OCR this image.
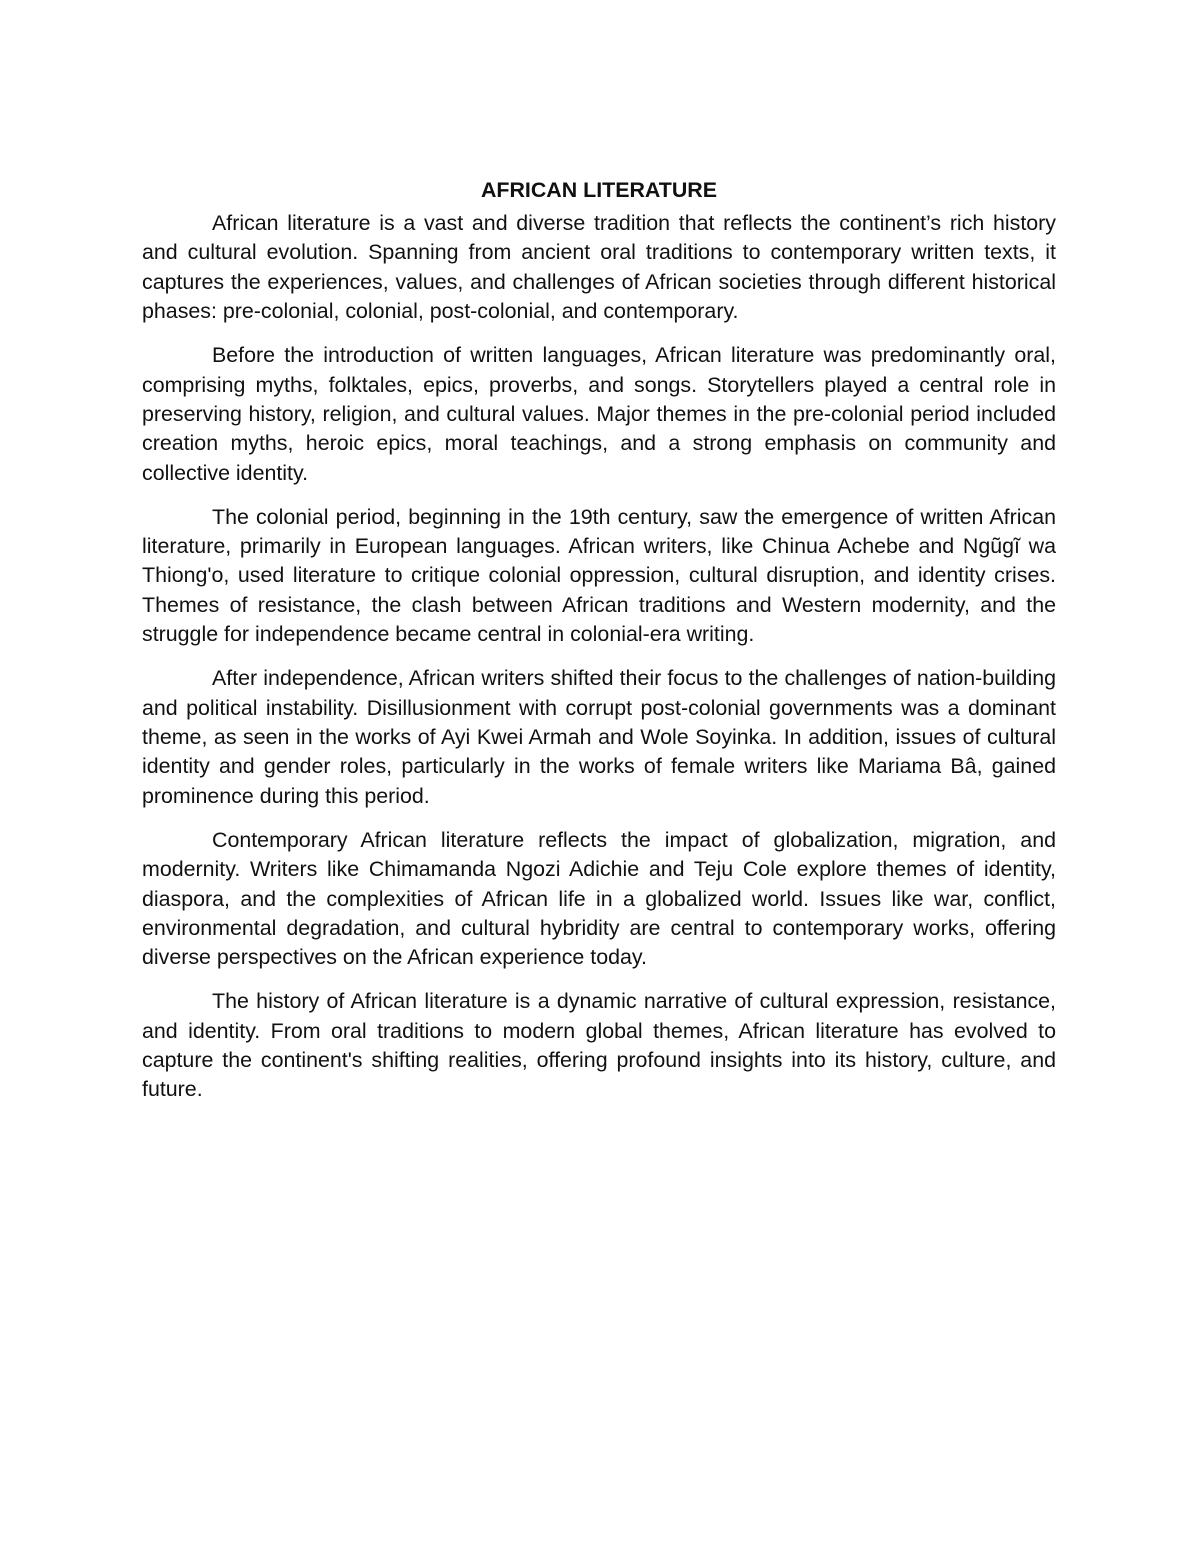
AFRICAN LITERATURE

African literature is a vast and diverse tradition that reflects the continent’s rich history and cultural evolution. Spanning from ancient oral traditions to contemporary written texts, it captures the experiences, values, and challenges of African societies through different historical phases: pre-colonial, colonial, post-colonial, and contemporary.

Before the introduction of written languages, African literature was predominantly oral, comprising myths, folktales, epics, proverbs, and songs. Storytellers played a central role in preserving history, religion, and cultural values. Major themes in the pre-colonial period included creation myths, heroic epics, moral teachings, and a strong emphasis on community and collective identity.

The colonial period, beginning in the 19th century, saw the emergence of written African literature, primarily in European languages. African writers, like Chinua Achebe and Ngũgĩ wa Thiong'o, used literature to critique colonial oppression, cultural disruption, and identity crises. Themes of resistance, the clash between African traditions and Western modernity, and the struggle for independence became central in colonial-era writing.

After independence, African writers shifted their focus to the challenges of nation-building and political instability. Disillusionment with corrupt post-colonial governments was a dominant theme, as seen in the works of Ayi Kwei Armah and Wole Soyinka. In addition, issues of cultural identity and gender roles, particularly in the works of female writers like Mariama Bâ, gained prominence during this period.

Contemporary African literature reflects the impact of globalization, migration, and modernity. Writers like Chimamanda Ngozi Adichie and Teju Cole explore themes of identity, diaspora, and the complexities of African life in a globalized world. Issues like war, conflict, environmental degradation, and cultural hybridity are central to contemporary works, offering diverse perspectives on the African experience today.

The history of African literature is a dynamic narrative of cultural expression, resistance, and identity. From oral traditions to modern global themes, African literature has evolved to capture the continent's shifting realities, offering profound insights into its history, culture, and future.
